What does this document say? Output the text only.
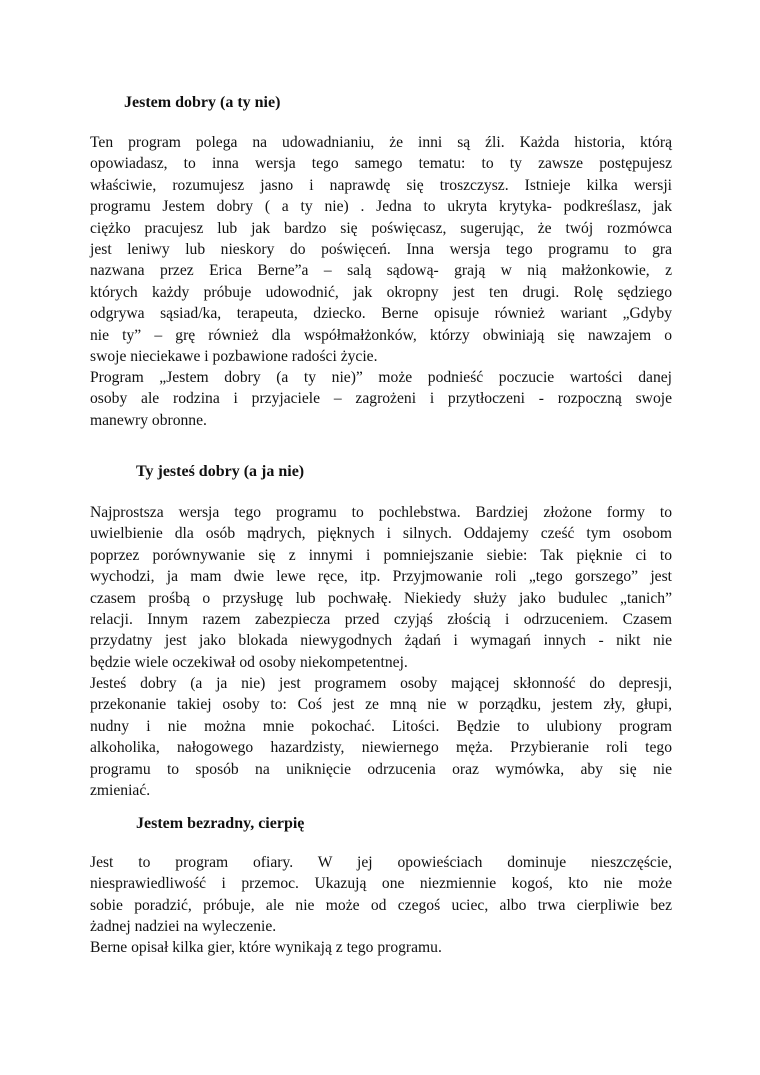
Jestem dobry (a ty nie)
Ten program polega na udowadnianiu, że inni są źli. Każda historia, którą
opowiadasz, to inna wersja tego samego tematu: to ty zawsze postępujesz
właściwie, rozumujesz jasno i naprawdę się troszczysz. Istnieje kilka wersji
programu Jestem dobry ( a ty nie) . Jedna to ukryta krytyka- podkreślasz, jak
ciężko pracujesz lub jak bardzo się poświęcasz, sugerując, że twój rozmówca
jest leniwy lub nieskory do poświęceń. Inna wersja tego programu to gra
nazwana przez Erica Berne”a – salą sądową- grają w nią małżonkowie, z
których każdy próbuje udowodnić, jak okropny jest ten drugi. Rolę sędziego
odgrywa sąsiad/ka, terapeuta, dziecko. Berne opisuje również wariant „Gdyby
nie ty” – grę również dla współmałżonków, którzy obwiniają się nawzajem o
swoje nieciekawe i pozbawione radości życie.
Program „Jestem dobry (a ty nie)” może podnieść poczucie wartości danej
osoby ale rodzina i przyjaciele – zagrożeni i przytłoczeni - rozpoczną swoje
manewry obronne.
Ty jesteś dobry (a ja nie)
Najprostsza wersja tego programu to pochlebstwa. Bardziej złożone formy to
uwielbienie dla osób mądrych, pięknych i silnych. Oddajemy cześć tym osobom
poprzez porównywanie się z innymi i pomniejszanie siebie: Tak pięknie ci to
wychodzi, ja mam dwie lewe ręce, itp. Przyjmowanie roli „tego gorszego” jest
czasem prośbą o przysługę lub pochwałę. Niekiedy służy jako budulec „tanich”
relacji. Innym razem zabezpiecza przed czyjąś złością i odrzuceniem. Czasem
przydatny jest jako blokada niewygodnych żądań i wymagań innych - nikt nie
będzie wiele oczekiwał od osoby niekompetentnej.
Jesteś dobry (a ja nie) jest programem osoby mającej skłonność do depresji,
przekonanie takiej osoby to: Coś jest ze mną nie w porządku, jestem zły, głupi,
nudny i nie można mnie pokochać. Litości. Będzie to ulubiony program
alkoholika, nałogowego hazardzisty, niewiernego męża. Przybieranie roli tego
programu to sposób na uniknięcie odrzucenia oraz wymówka, aby się nie
zmieniać.
Jestem bezradny, cierpię
Jest to program ofiary. W jej opowieściach dominuje nieszczęście,
niesprawiedliwość i przemoc. Ukazują one niezmiennie kogoś, kto nie może
sobie poradzić, próbuje, ale nie może od czegoś uciec, albo trwa cierpliwie bez
żadnej nadziei na wyleczenie.
Berne opisał kilka gier, które wynikają z tego programu.
